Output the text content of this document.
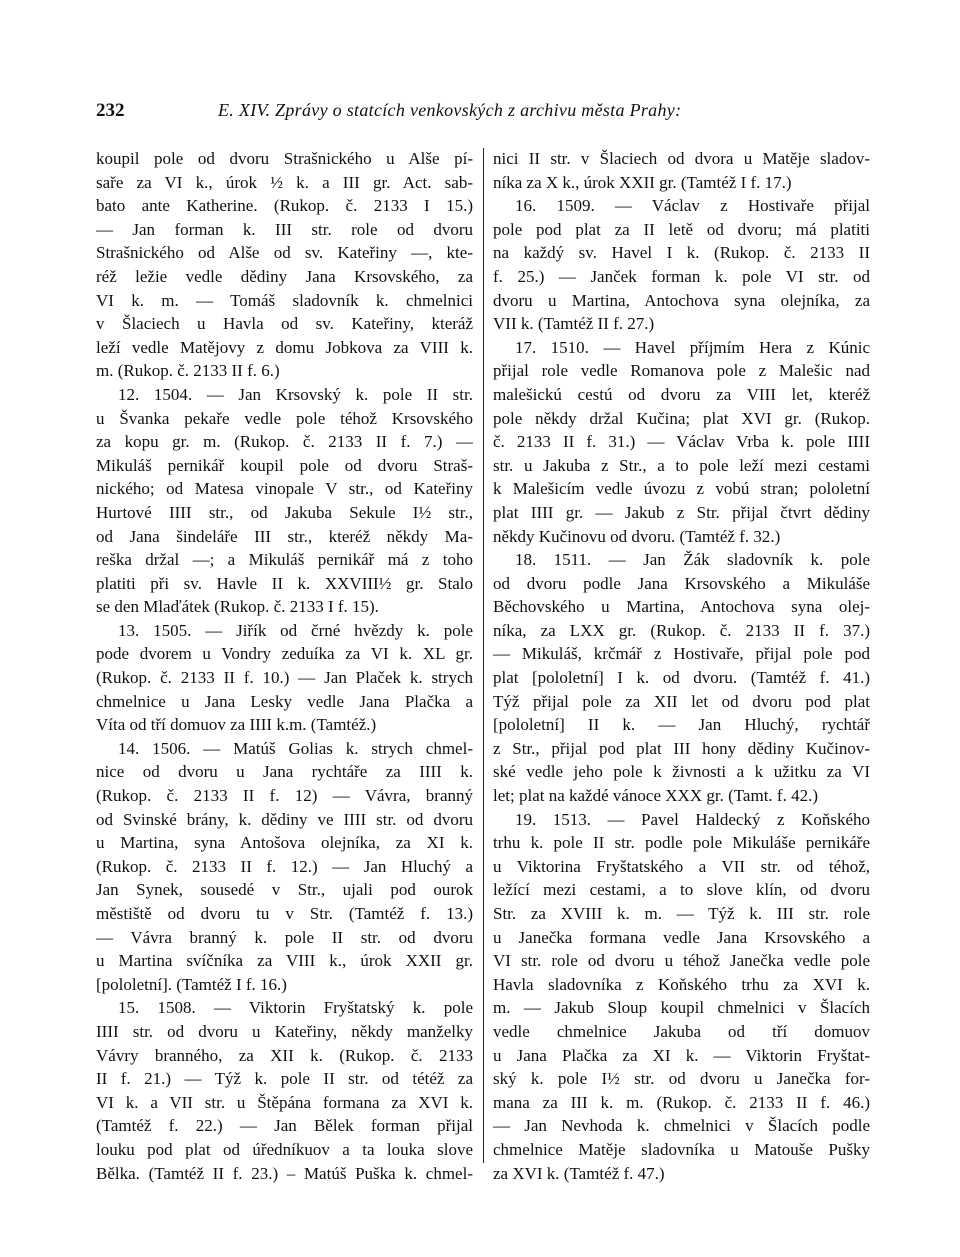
232	E. XIV. Zprávy o statcích venkovských z archivu města Prahy:
koupil pole od dvoru Strašnického u Alše pí-
saře za VI k., úrok ½ k. a III gr. Act. sab-
bato ante Katherine. (Rukop. č. 2133 I 15.)
— Jan forman k. III str. role od dvoru
Strašnického od Alše od sv. Kateřiny —, kte-
réž ležie vedle dědiny Jana Krsovského, za
VI k. m. — Tomáš sladovník k. chmelnici
v Šlaciech u Havla od sv. Kateřiny, kteráž
leží vedle Matějovy z domu Jobkova za VIII k.
m. (Rukop. č. 2133 II f. 6.)
12. 1504. — Jan Krsovský k. pole II str.
u Švanka pekaře vedle pole téhož Krsovského
za kopu gr. m. (Rukop. č. 2133 II f. 7.) —
Mikuláš pernikář koupil pole od dvoru Straš-
nického; od Matesa vinopale V str., od Kateřiny
Hurtové IIII str., od Jakuba Sekule I½ str.,
od Jana šindeláře III str., kteréž někdy Ma-
reška držal —; a Mikuláš pernikář má z toho
platiti při sv. Havle II k. XXVIII½ gr. Stalo
se den Mlaďátek (Rukop. č. 2133 I f. 15).
13. 1505. — Jiřík od črné hvězdy k. pole
pode dvorem u Vondry zeduíka za VI k. XL gr.
(Rukop. č. 2133 II f. 10.) — Jan Plaček k. strych
chmelnice u Jana Lesky vedle Jana Plačka a
Víta od tří domuov za IIII k.m. (Tamtéž.)
14. 1506. — Matúš Golias k. strych chmel-
nice od dvoru u Jana rychtáře za IIII k.
(Rukop. č. 2133 II f. 12) — Vávra, branný
od Svinské brány, k. dědiny ve IIII str. od dvoru
u Martina, syna Antošova olejníka, za XI k.
(Rukop. č. 2133 II f. 12.) — Jan Hluchý a
Jan Synek, sousedé v Str., ujali pod ourok
městiště od dvoru tu v Str. (Tamtéž f. 13.)
— Vávra branný k. pole II str. od dvoru
u Martina svíčníka za VIII k., úrok XXII gr.
[pololetní]. (Tamtéž I f. 16.)
15. 1508. — Viktorin Fryštatský k. pole
IIII str. od dvoru u Kateřiny, někdy manželky
Vávry branného, za XII k. (Rukop. č. 2133
II f. 21.) — Týž k. pole II str. od tétéž za
VI k. a VII str. u Štěpána formana za XVI k.
(Tamtéž f. 22.) — Jan Bělek forman přijal
louku pod plat od úředníkuov a ta louka slove
Bělka. (Tamtéž II f. 23.) – Matúš Puška k. chmel-
nici II str. v Šlaciech od dvora u Matěje sladov-
níka za X k., úrok XXII gr. (Tamtéž I f. 17.)
16. 1509. — Václav z Hostivaře přijal
pole pod plat za II letě od dvoru; má platiti
na každý sv. Havel I k. (Rukop. č. 2133 II
f. 25.) — Janček forman k. pole VI str. od
dvoru u Martina, Antochova syna olejníka, za
VII k. (Tamtéž II f. 27.)
17. 1510. — Havel příjmím Hera z Kúnic
přijal role vedle Romanova pole z Malešic nad
malešickú cestú od dvoru za VIII let, kteréž
pole někdy držal Kučina; plat XVI gr. (Rukop.
č. 2133 II f. 31.) — Václav Vrba k. pole IIII
str. u Jakuba z Str., a to pole leží mezi cestami
k Malešicím vedle úvozu z vobú stran; pololetní
plat IIII gr. — Jakub z Str. přijal čtvrt dědiny
někdy Kučinovu od dvoru. (Tamtéž f. 32.)
18. 1511. — Jan Žák sladovník k. pole
od dvoru podle Jana Krsovského a Mikuláše
Běchovského u Martina, Antochova syna olej-
níka, za LXX gr. (Rukop. č. 2133 II f. 37.)
— Mikuláš, krčmář z Hostivaře, přijal pole pod
plat [pololetní] I k. od dvoru. (Tamtéž f. 41.)
Týž přijal pole za XII let od dvoru pod plat
[pololetní] II k. — Jan Hluchý, rychtář
z Str., přijal pod plat III hony dědiny Kučinov-
ské vedle jeho pole k živnosti a k užitku za VI
let; plat na každé vánoce XXX gr. (Tamt. f. 42.)
19. 1513. — Pavel Haldecký z Koňského
trhu k. pole II str. podle pole Mikuláše pernikáře
u Viktorina Fryštatského a VII str. od téhož,
ležící mezi cestami, a to slove klín, od dvoru
Str. za XVIII k. m. — Týž k. III str. role
u Janečka formana vedle Jana Krsovského a
VI str. role od dvoru u téhož Janečka vedle pole
Havla sladovníka z Koňského trhu za XVI k.
m. — Jakub Sloup koupil chmelnici v Šlacích
vedle chmelnice Jakuba od tří domuov
u Jana Plačka za XI k. — Viktorin Fryštat-
ský k. pole I½ str. od dvoru u Janečka for-
mana za III k. m. (Rukop. č. 2133 II f. 46.)
— Jan Nevhoda k. chmelnici v Šlacích podle
chmelnice Matěje sladovníka u Matouše Pušky
za XVI k. (Tamtéž f. 47.)
